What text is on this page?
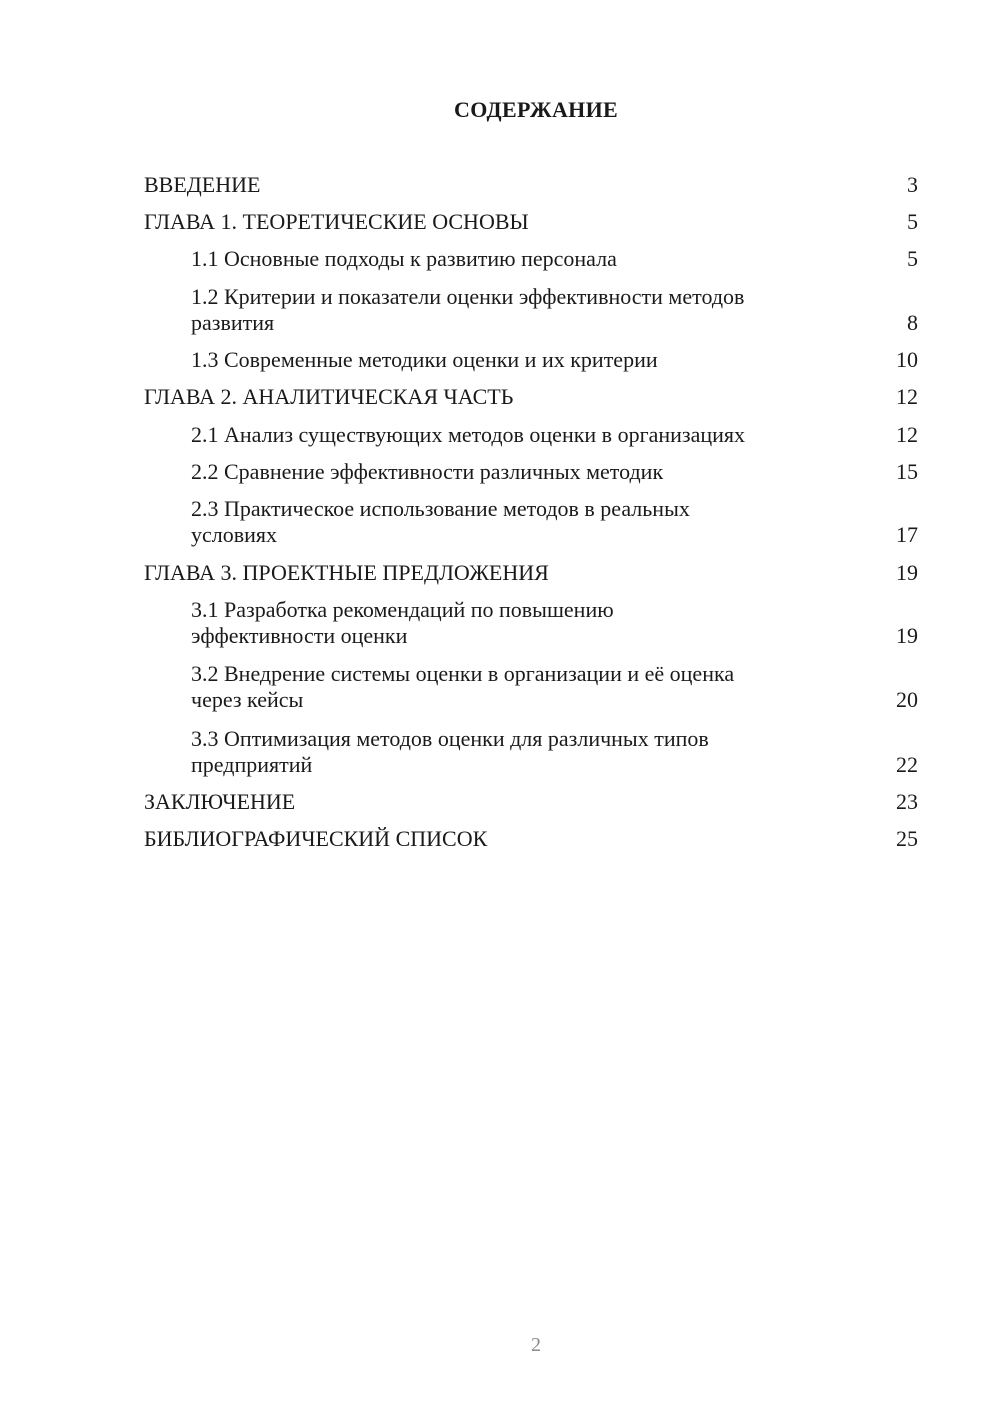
СОДЕРЖАНИЕ
ВВЕДЕНИЕ	3
ГЛАВА 1. ТЕОРЕТИЧЕСКИЕ ОСНОВЫ	5
1.1 Основные подходы к развитию персонала	5
1.2 Критерии и показатели оценки эффективности методов
развития	8
1.3 Современные методики оценки и их критерии	10
ГЛАВА 2. АНАЛИТИЧЕСКАЯ ЧАСТЬ	12
2.1 Анализ существующих методов оценки в организациях	12
2.2 Сравнение эффективности различных методик	15
2.3 Практическое использование методов в реальных
условиях	17
ГЛАВА 3. ПРОЕКТНЫЕ ПРЕДЛОЖЕНИЯ	19
3.1 Разработка рекомендаций по повышению
эффективности оценки	19
3.2 Внедрение системы оценки в организации и её оценка
через кейсы	20
3.3 Оптимизация методов оценки для различных типов
предприятий	22
ЗАКЛЮЧЕНИЕ	23
БИБЛИОГРАФИЧЕСКИЙ СПИСОК	25
2
